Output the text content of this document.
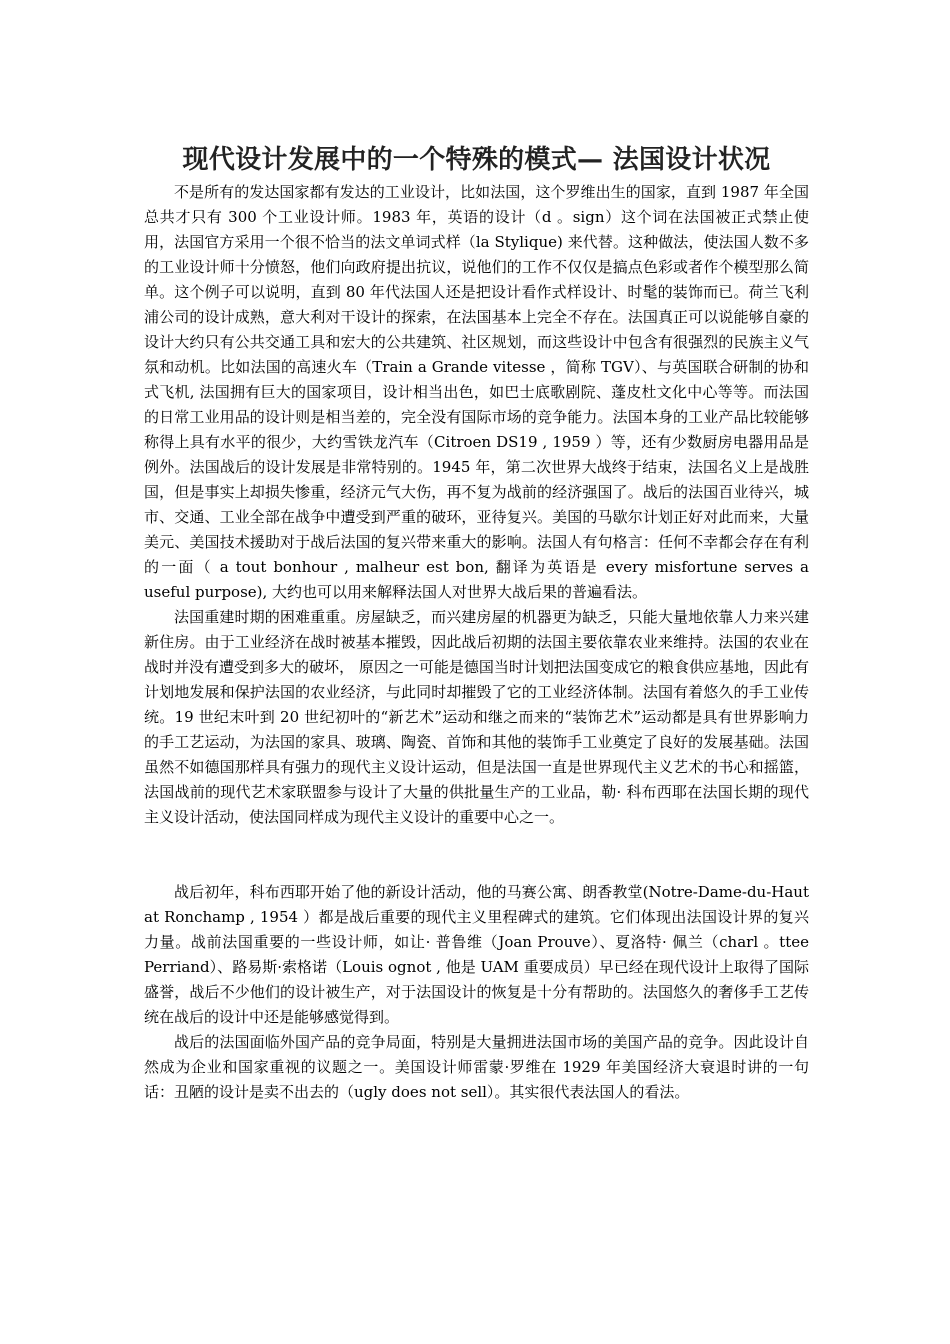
现代设计发展中的一个特殊的模式— 法国设计状况

不是所有的发达国家都有发达的工业设计，比如法国，这个罗维出生的国家，直到 1987 年全国总共才只有 300 个工业设计师。1983 年，英语的设计（d 。sign）这个词在法国被正式禁止使用，法国官方采用一个很不恰当的法文单词式样（la Stylique) 来代替。这种做法，使法国人数不多的工业设计师十分愤怒，他们向政府提出抗议，说他们的工作不仅仅是搞点色彩或者作个模型那么简单。这个例子可以说明，直到 80 年代法国人还是把设计看作式样设计、时髦的装饰而已。荷兰飞利浦公司的设计成熟，意大利对干设计的探索，在法国基本上完全不存在。法国真正可以说能够自豪的设计大约只有公共交通工具和宏大的公共建筑、社区规划，而这些设计中包含有很强烈的民族主义气氛和动机。比如法国的高速火车（Train a Grande vitesse ，简称 TGV）、与英国联合研制的协和式飞机, 法国拥有巨大的国家项目，设计相当出色，如巴士底歌剧院、蓬皮杜文化中心等等。而法国的日常工业用品的设计则是相当差的，完全没有国际市场的竞争能力。法国本身的工业产品比较能够称得上具有水平的很少，大约雪铁龙汽车（Citroen DS19 , 1959 ）等，还有少数厨房电器用品是例外。法国战后的设计发展是非常特别的。1945 年，第二次世界大战终于结束，法国名义上是战胜国，但是事实上却损失惨重，经济元气大伤，再不复为战前的经济强国了。战后的法国百业待兴，城市、交通、工业全部在战争中遭受到严重的破环，亚待复兴。美国的马歇尔计划正好对此而来，大量美元、美国技术援助对于战后法国的复兴带来重大的影响。法国人有句格言：任何不幸都会存在有利的一面（ a tout bonhour , malheur est bon, 翻译为英语是 every misfortune serves a useful purpose), 大约也可以用来解释法国人对世界大战后果的普遍看法。

法国重建时期的困难重重。房屋缺乏，而兴建房屋的机器更为缺乏，只能大量地依靠人力来兴建新住房。由于工业经济在战时被基本摧毁，因此战后初期的法国主要依靠农业来维持。法国的农业在战时并没有遭受到多大的破坏， 原因之一可能是德国当时计划把法国变成它的粮食供应基地，因此有计划地发展和保护法国的农业经济，与此同时却摧毁了它的工业经济体制。法国有着悠久的手工业传统。19 世纪末叶到 20 世纪初叶的“新艺术”运动和继之而来的“装饰艺术”运动都是具有世界影响力的手工艺运动，为法国的家具、玻璃、陶瓷、首饰和其他的装饰手工业奠定了良好的发展基础。法国虽然不如德国那样具有强力的现代主义设计运动，但是法国一直是世界现代主义艺术的书心和摇篮，法国战前的现代艺术家联盟参与设计了大量的供批量生产的工业品，勒· 科布西耶在法国长期的现代主义设计活动，使法国同样成为现代主义设计的重要中心之一。

战后初年，科布西耶开始了他的新设计活动，他的马赛公寓、朗香教堂(Notre-Dame-du-Haut at Ronchamp , 1954 ）都是战后重要的现代主义里程碑式的建筑。它们体现出法国设计界的复兴力量。战前法国重要的一些设计师，如让· 普鲁维（Joan Prouve）、夏洛特· 佩兰（charl 。ttee Perriand）、路易斯·索格诺（Louis ognot , 他是 UAM 重要成员）早已经在现代设计上取得了国际盛誉，战后不少他们的设计被生产，对于法国设计的恢复是十分有帮助的。法国悠久的奢侈手工艺传统在战后的设计中还是能够感觉得到。

战后的法国面临外国产品的竞争局面，特别是大量拥进法国市场的美国产品的竞争。因此设计自然成为企业和国家重视的议题之一。美国设计师雷蒙·罗维在 1929 年美国经济大衰退时讲的一句话：丑陋的设计是卖不出去的（ugly does not sell）。其实很代表法国人的看法。
